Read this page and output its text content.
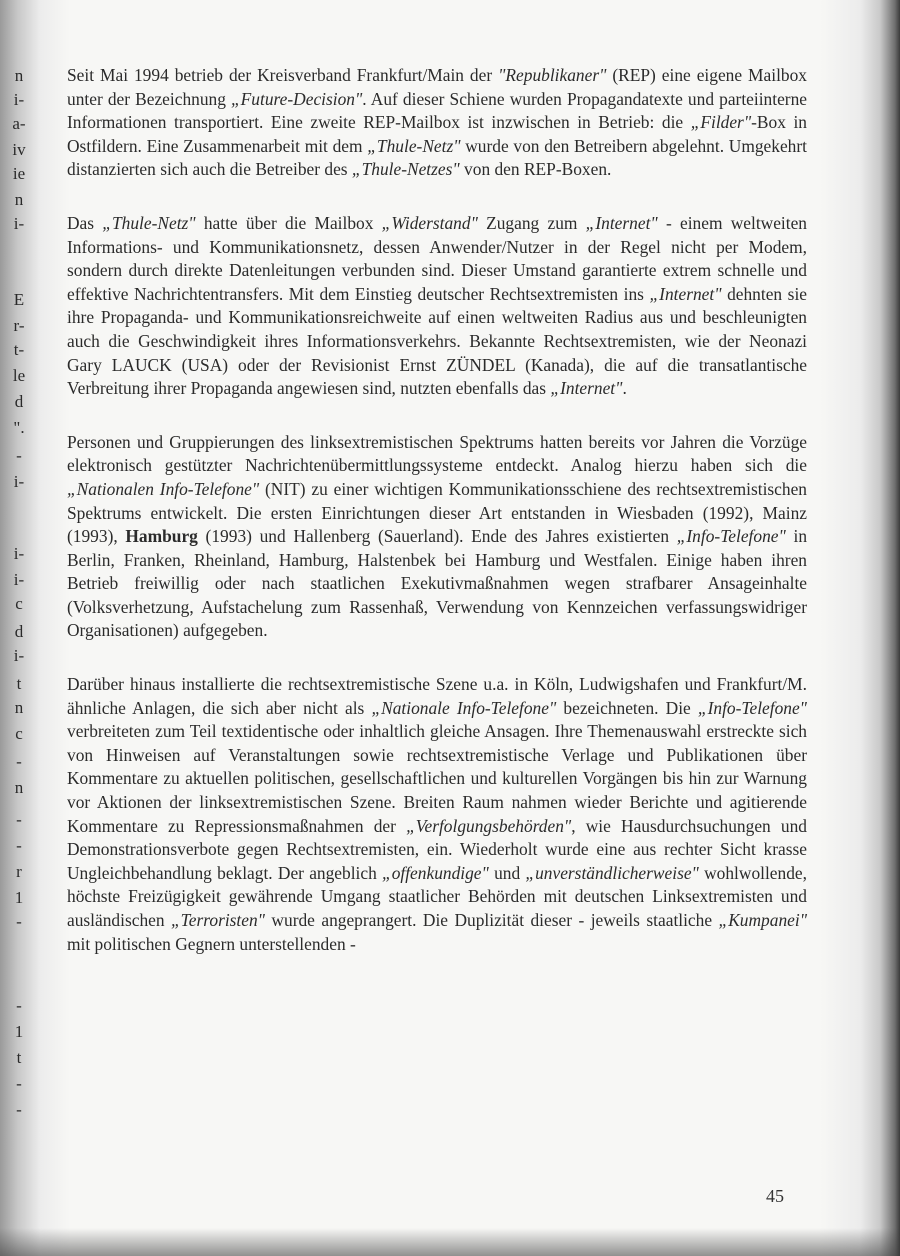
n
i-
a-
iv
ie
n
i-
E
r-
t-
le
d
".
-
i-
i-
i-
c
d
i-
t
n
c
-
n
-
-
r
1
-
-
1
t
-
-

Seit Mai 1994 betrieb der Kreisverband Frankfurt/Main der "Republikaner" (REP) eine eigene Mailbox unter der Bezeichnung „Future-Decision". Auf dieser Schiene wurden Propagandatexte und parteiinterne Informationen transportiert. Eine zweite REP-Mailbox ist inzwischen in Betrieb: die „Filder"-Box in Ostfildern. Eine Zusammenarbeit mit dem „Thule-Netz" wurde von den Betreibern abgelehnt. Umgekehrt distanzierten sich auch die Betreiber des „Thule-Netzes" von den REP-Boxen.

Das „Thule-Netz" hatte über die Mailbox „Widerstand" Zugang zum „Internet" - einem weltweiten Informations- und Kommunikationsnetz, dessen Anwender/Nutzer in der Regel nicht per Modem, sondern durch direkte Datenleitungen verbunden sind. Dieser Umstand garantierte extrem schnelle und effektive Nachrichtentransfers. Mit dem Einstieg deutscher Rechtsextremisten ins „Internet" dehnten sie ihre Propaganda- und Kommunikationsreichweite auf einen weltweiten Radius aus und beschleunigten auch die Geschwindigkeit ihres Informationsverkehrs. Bekannte Rechtsextremisten, wie der Neonazi Gary LAUCK (USA) oder der Revisionist Ernst ZÜNDEL (Kanada), die auf die transatlantische Verbreitung ihrer Propaganda angewiesen sind, nutzten ebenfalls das „Internet".

Personen und Gruppierungen des linksextremistischen Spektrums hatten bereits vor Jahren die Vorzüge elektronisch gestützter Nachrichtenübermittlungssysteme entdeckt. Analog hierzu haben sich die „Nationalen Info-Telefone" (NIT) zu einer wichtigen Kommunikationsschiene des rechtsextremistischen Spektrums entwickelt. Die ersten Einrichtungen dieser Art entstanden in Wiesbaden (1992), Mainz (1993), Hamburg (1993) und Hallenberg (Sauerland). Ende des Jahres existierten „Info-Telefone" in Berlin, Franken, Rheinland, Hamburg, Halstenbek bei Hamburg und Westfalen. Einige haben ihren Betrieb freiwillig oder nach staatlichen Exekutivmaßnahmen wegen strafbarer Ansageinhalte (Volksverhetzung, Aufstachelung zum Rassenhaß, Verwendung von Kennzeichen verfassungswidriger Organisationen) aufgegeben.

Darüber hinaus installierte die rechtsextremistische Szene u.a. in Köln, Ludwigshafen und Frankfurt/M. ähnliche Anlagen, die sich aber nicht als „Nationale Info-Telefone" bezeichneten. Die „Info-Telefone" verbreiteten zum Teil textidentische oder inhaltlich gleiche Ansagen. Ihre Themenauswahl erstreckte sich von Hinweisen auf Veranstaltungen sowie rechtsextremistische Verlage und Publikationen über Kommentare zu aktuellen politischen, gesellschaftlichen und kulturellen Vorgängen bis hin zur Warnung vor Aktionen der linksextremistischen Szene. Breiten Raum nahmen wieder Berichte und agitierende Kommentare zu Repressionsmaßnahmen der „Verfolgungsbehörden", wie Hausdurchsuchungen und Demonstrationsverbote gegen Rechtsextremisten, ein. Wiederholt wurde eine aus rechter Sicht krasse Ungleichbehandlung beklagt. Der angeblich „offenkundige" und „unverständlicherweise" wohlwollende, höchste Freizügigkeit gewährende Umgang staatlicher Behörden mit deutschen Linksextremisten und ausländischen „Terroristen" wurde angeprangert. Die Duplizität dieser - jeweils staatliche „Kumpanei" mit politischen Gegnern unterstellenden -

45
